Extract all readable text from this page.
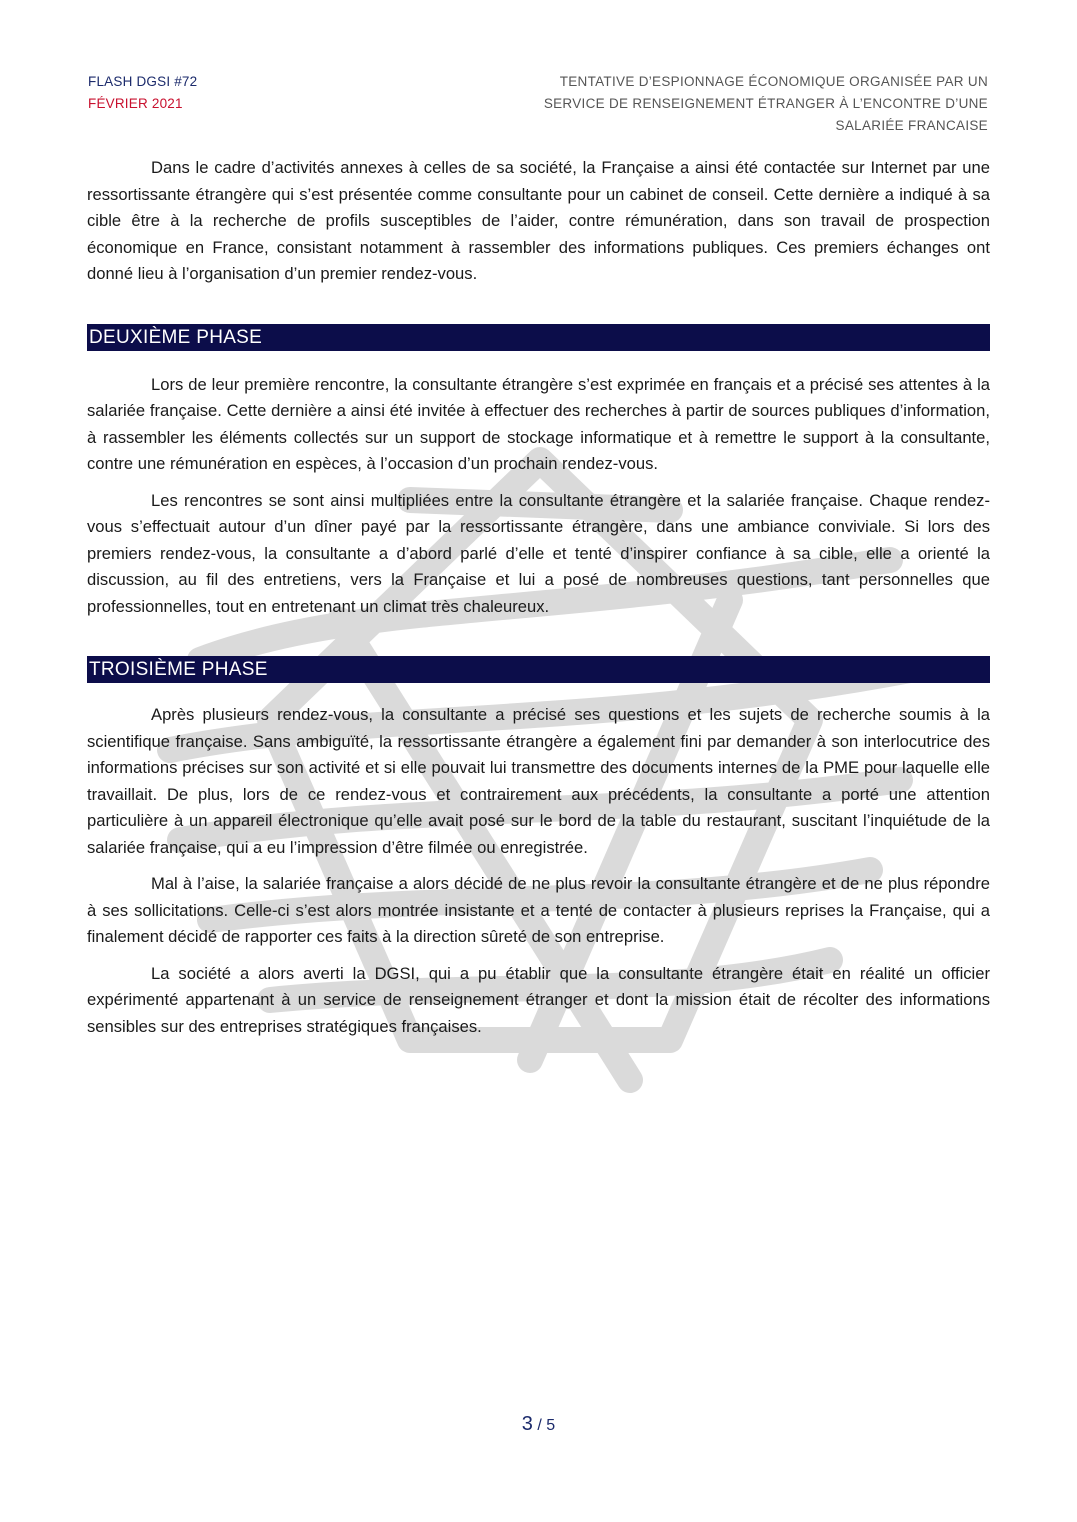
FLASH DGSI #72
FÉVRIER 2021
TENTATIVE D’ESPIONNAGE ÉCONOMIQUE ORGANISÉE PAR UN
SERVICE DE RENSEIGNEMENT ÉTRANGER À L’ENCONTRE D’UNE
SALARIÉE FRANCAISE

Dans le cadre d’activités annexes à celles de sa société, la Française a ainsi été contactée sur Internet par une ressortissante étrangère qui s’est présentée comme consultante pour un cabinet de conseil. Cette dernière a indiqué à sa cible être à la recherche de profils susceptibles de l’aider, contre rémunération, dans son travail de prospection économique en France, consistant notamment à rassembler des informations publiques. Ces premiers échanges ont donné lieu à l’organisation d’un premier rendez-vous.

DEUXIÈME PHASE

Lors de leur première rencontre, la consultante étrangère s’est exprimée en français et a précisé ses attentes à la salariée française. Cette dernière a ainsi été invitée à effectuer des recherches à partir de sources publiques d’information, à rassembler les éléments collectés sur un support de stockage informatique et à remettre le support à la consultante, contre une rémunération en espèces, à l’occasion d’un prochain rendez-vous.

Les rencontres se sont ainsi multipliées entre la consultante étrangère et la salariée française. Chaque rendez-vous s’effectuait autour d’un dîner payé par la ressortissante étrangère, dans une ambiance conviviale. Si lors des premiers rendez-vous, la consultante a d’abord parlé d’elle et tenté d’inspirer confiance à sa cible, elle a orienté la discussion, au fil des entretiens, vers la Française et lui a posé de nombreuses questions, tant personnelles que professionnelles, tout en entretenant un climat très chaleureux.

TROISIÈME PHASE

Après plusieurs rendez-vous, la consultante a précisé ses questions et les sujets de recherche soumis à la scientifique française. Sans ambiguïté, la ressortissante étrangère a également fini par demander à son interlocutrice des informations précises sur son activité et si elle pouvait lui transmettre des documents internes de la PME pour laquelle elle travaillait. De plus, lors de ce rendez-vous et contrairement aux précédents, la consultante a porté une attention particulière à un appareil électronique qu’elle avait posé sur le bord de la table du restaurant, suscitant l’inquiétude de la salariée française, qui a eu l’impression d’être filmée ou enregistrée.

Mal à l’aise, la salariée française a alors décidé de ne plus revoir la consultante étrangère et de ne plus répondre à ses sollicitations. Celle-ci s’est alors montrée insistante et a tenté de contacter à plusieurs reprises la Française, qui a finalement décidé de rapporter ces faits à la direction sûreté de son entreprise.

La société a alors averti la DGSI, qui a pu établir que la consultante étrangère était en réalité un officier expérimenté appartenant à un service de renseignement étranger et dont la mission était de récolter des informations sensibles sur des entreprises stratégiques françaises.

3 / 5
